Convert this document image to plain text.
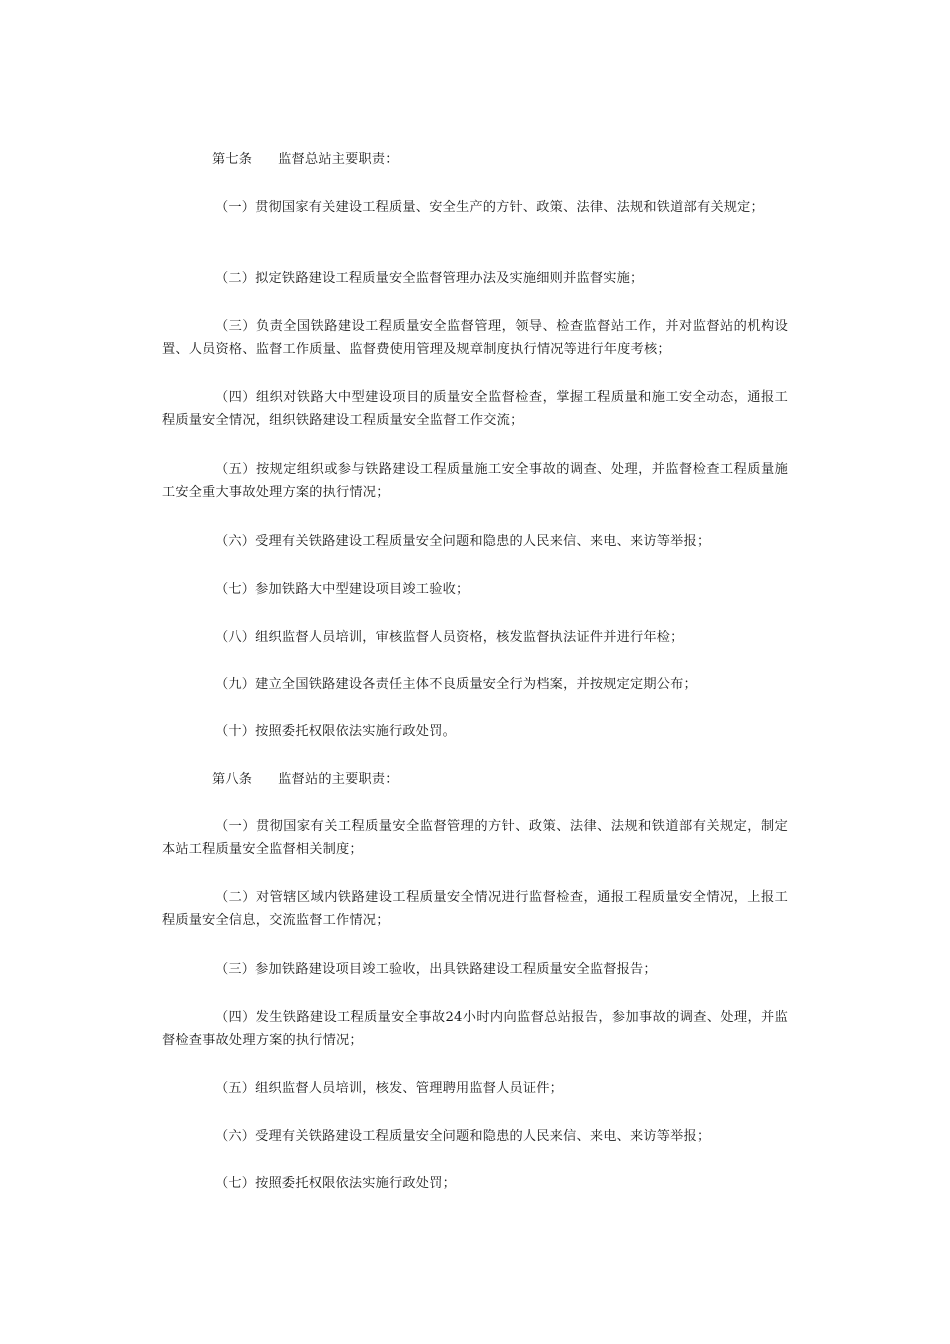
第七条 监督总站主要职责：

（一）贯彻国家有关建设工程质量、安全生产的方针、政策、法律、法规和铁道部有关规定；

（二）拟定铁路建设工程质量安全监督管理办法及实施细则并监督实施；

（三）负责全国铁路建设工程质量安全监督管理，领导、检查监督站工作，并对监督站的机构设置、人员资格、监督工作质量、监督费使用管理及规章制度执行情况等进行年度考核；

（四）组织对铁路大中型建设项目的质量安全监督检查，掌握工程质量和施工安全动态，通报工程质量安全情况，组织铁路建设工程质量安全监督工作交流；

（五）按规定组织或参与铁路建设工程质量施工安全事故的调查、处理，并监督检查工程质量施工安全重大事故处理方案的执行情况；

（六）受理有关铁路建设工程质量安全问题和隐患的人民来信、来电、来访等举报；

（七）参加铁路大中型建设项目竣工验收；

（八）组织监督人员培训，审核监督人员资格，核发监督执法证件并进行年检；

（九）建立全国铁路建设各责任主体不良质量安全行为档案，并按规定定期公布；

（十）按照委托权限依法实施行政处罚。

第八条 监督站的主要职责：

（一）贯彻国家有关工程质量安全监督管理的方针、政策、法律、法规和铁道部有关规定，制定本站工程质量安全监督相关制度；

（二）对管辖区域内铁路建设工程质量安全情况进行监督检查，通报工程质量安全情况，上报工程质量安全信息，交流监督工作情况；

（三）参加铁路建设项目竣工验收，出具铁路建设工程质量安全监督报告；

（四）发生铁路建设工程质量安全事故24小时内向监督总站报告，参加事故的调查、处理，并监督检查事故处理方案的执行情况；

（五）组织监督人员培训，核发、管理聘用监督人员证件；

（六）受理有关铁路建设工程质量安全问题和隐患的人民来信、来电、来访等举报；

（七）按照委托权限依法实施行政处罚；
